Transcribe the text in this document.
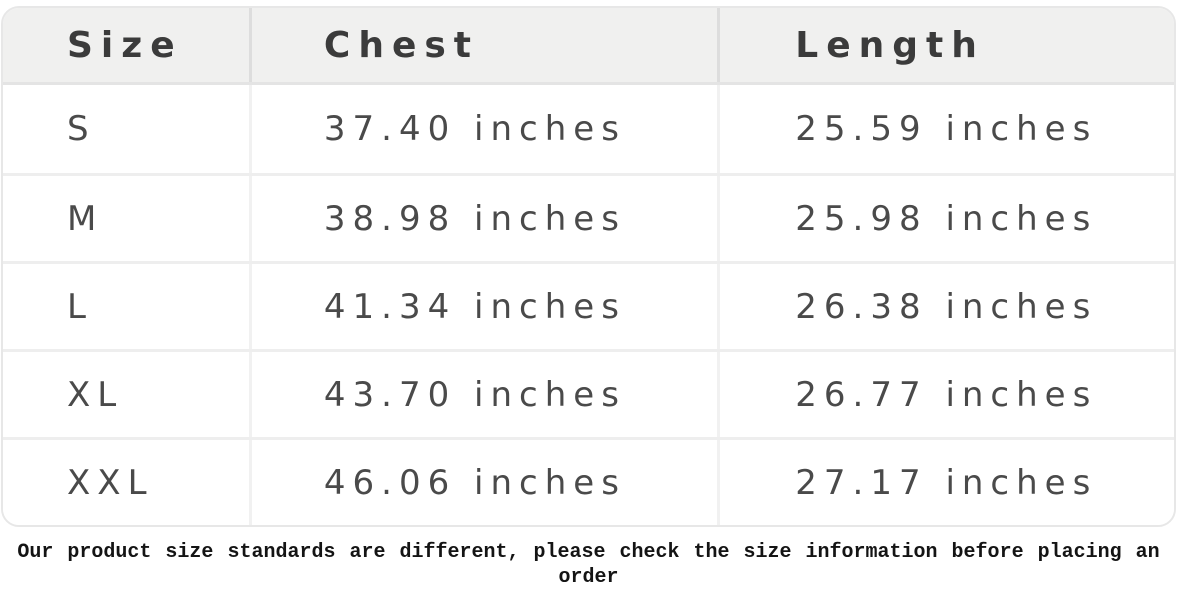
Size	Chest	Length
S	37.40 inches	25.59 inches
M	38.98 inches	25.98 inches
L	41.34 inches	26.38 inches
XL	43.70 inches	26.77 inches
XXL	46.06 inches	27.17 inches
Our product size standards are different, please check the size information before placing an order
